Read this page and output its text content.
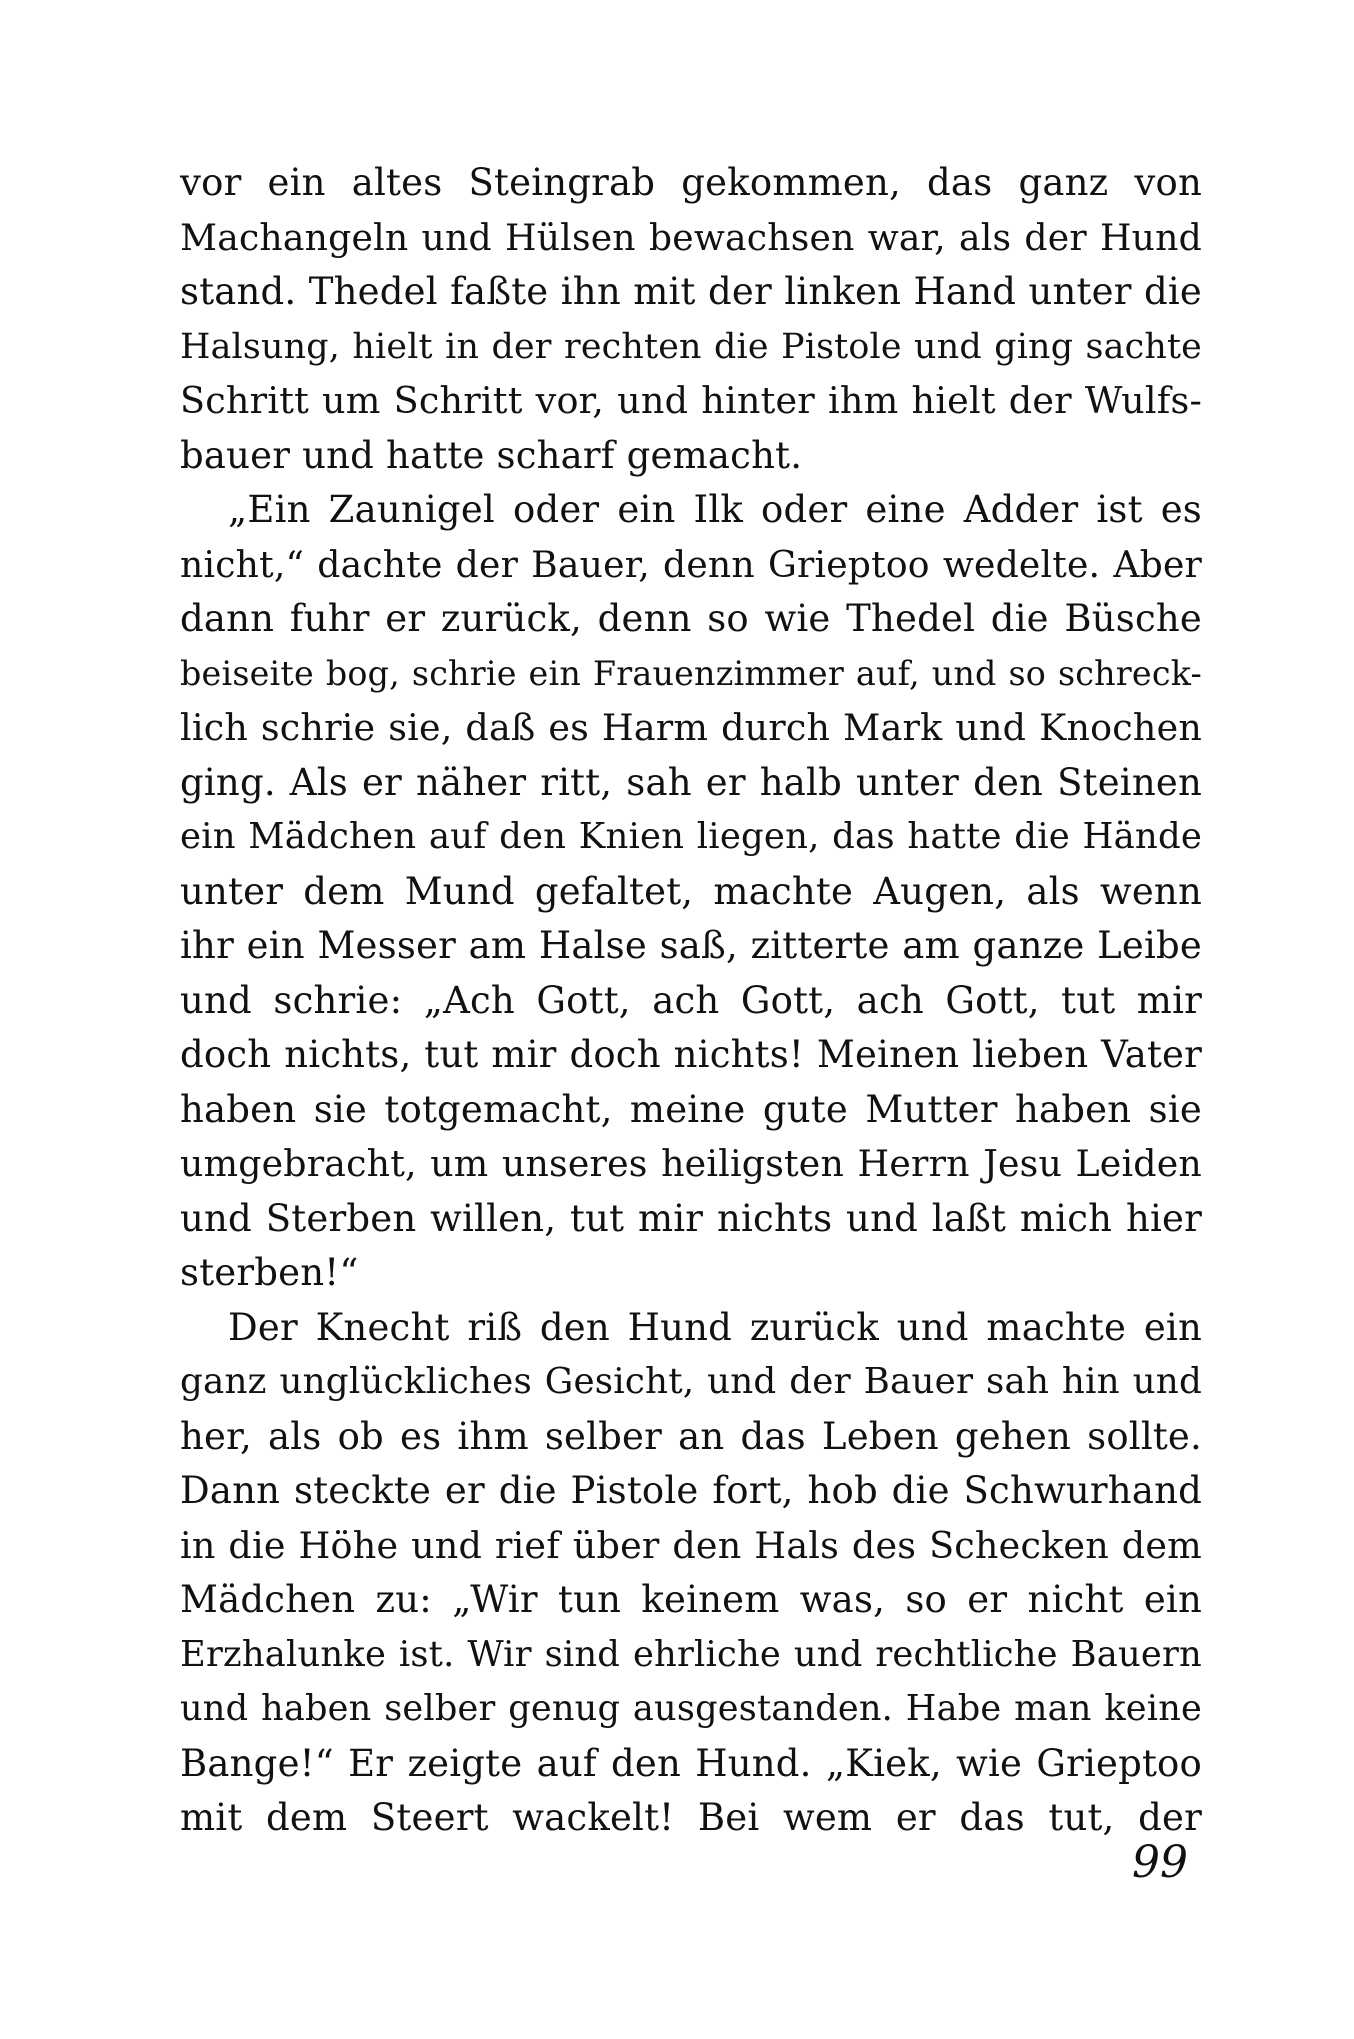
vor ein altes Steingrab gekommen, das ganz von
Machangeln und Hülsen bewachsen war, als der Hund
stand. Thedel faßte ihn mit der linken Hand unter die
Halsung, hielt in der rechten die Pistole und ging sachte
Schritt um Schritt vor, und hinter ihm hielt der Wulfs-
bauer und hatte scharf gemacht.
„Ein Zaunigel oder ein Ilk oder eine Adder ist es
nicht,“ dachte der Bauer, denn Grieptoo wedelte. Aber
dann fuhr er zurück, denn so wie Thedel die Büsche
beiseite bog, schrie ein Frauenzimmer auf, und so schreck-
lich schrie sie, daß es Harm durch Mark und Knochen
ging. Als er näher ritt, sah er halb unter den Steinen
ein Mädchen auf den Knien liegen, das hatte die Hände
unter dem Mund gefaltet, machte Augen, als wenn
ihr ein Messer am Halse saß, zitterte am ganze Leibe
und schrie: „Ach Gott, ach Gott, ach Gott, tut mir
doch nichts, tut mir doch nichts! Meinen lieben Vater
haben sie totgemacht, meine gute Mutter haben sie
umgebracht, um unseres heiligsten Herrn Jesu Leiden
und Sterben willen, tut mir nichts und laßt mich hier
sterben!“
Der Knecht riß den Hund zurück und machte ein
ganz unglückliches Gesicht, und der Bauer sah hin und
her, als ob es ihm selber an das Leben gehen sollte.
Dann steckte er die Pistole fort, hob die Schwurhand
in die Höhe und rief über den Hals des Schecken dem
Mädchen zu: „Wir tun keinem was, so er nicht ein
Erzhalunke ist. Wir sind ehrliche und rechtliche Bauern
und haben selber genug ausgestanden. Habe man keine
Bange!“ Er zeigte auf den Hund. „Kiek, wie Grieptoo
mit dem Steert wackelt! Bei wem er das tut, der
99
